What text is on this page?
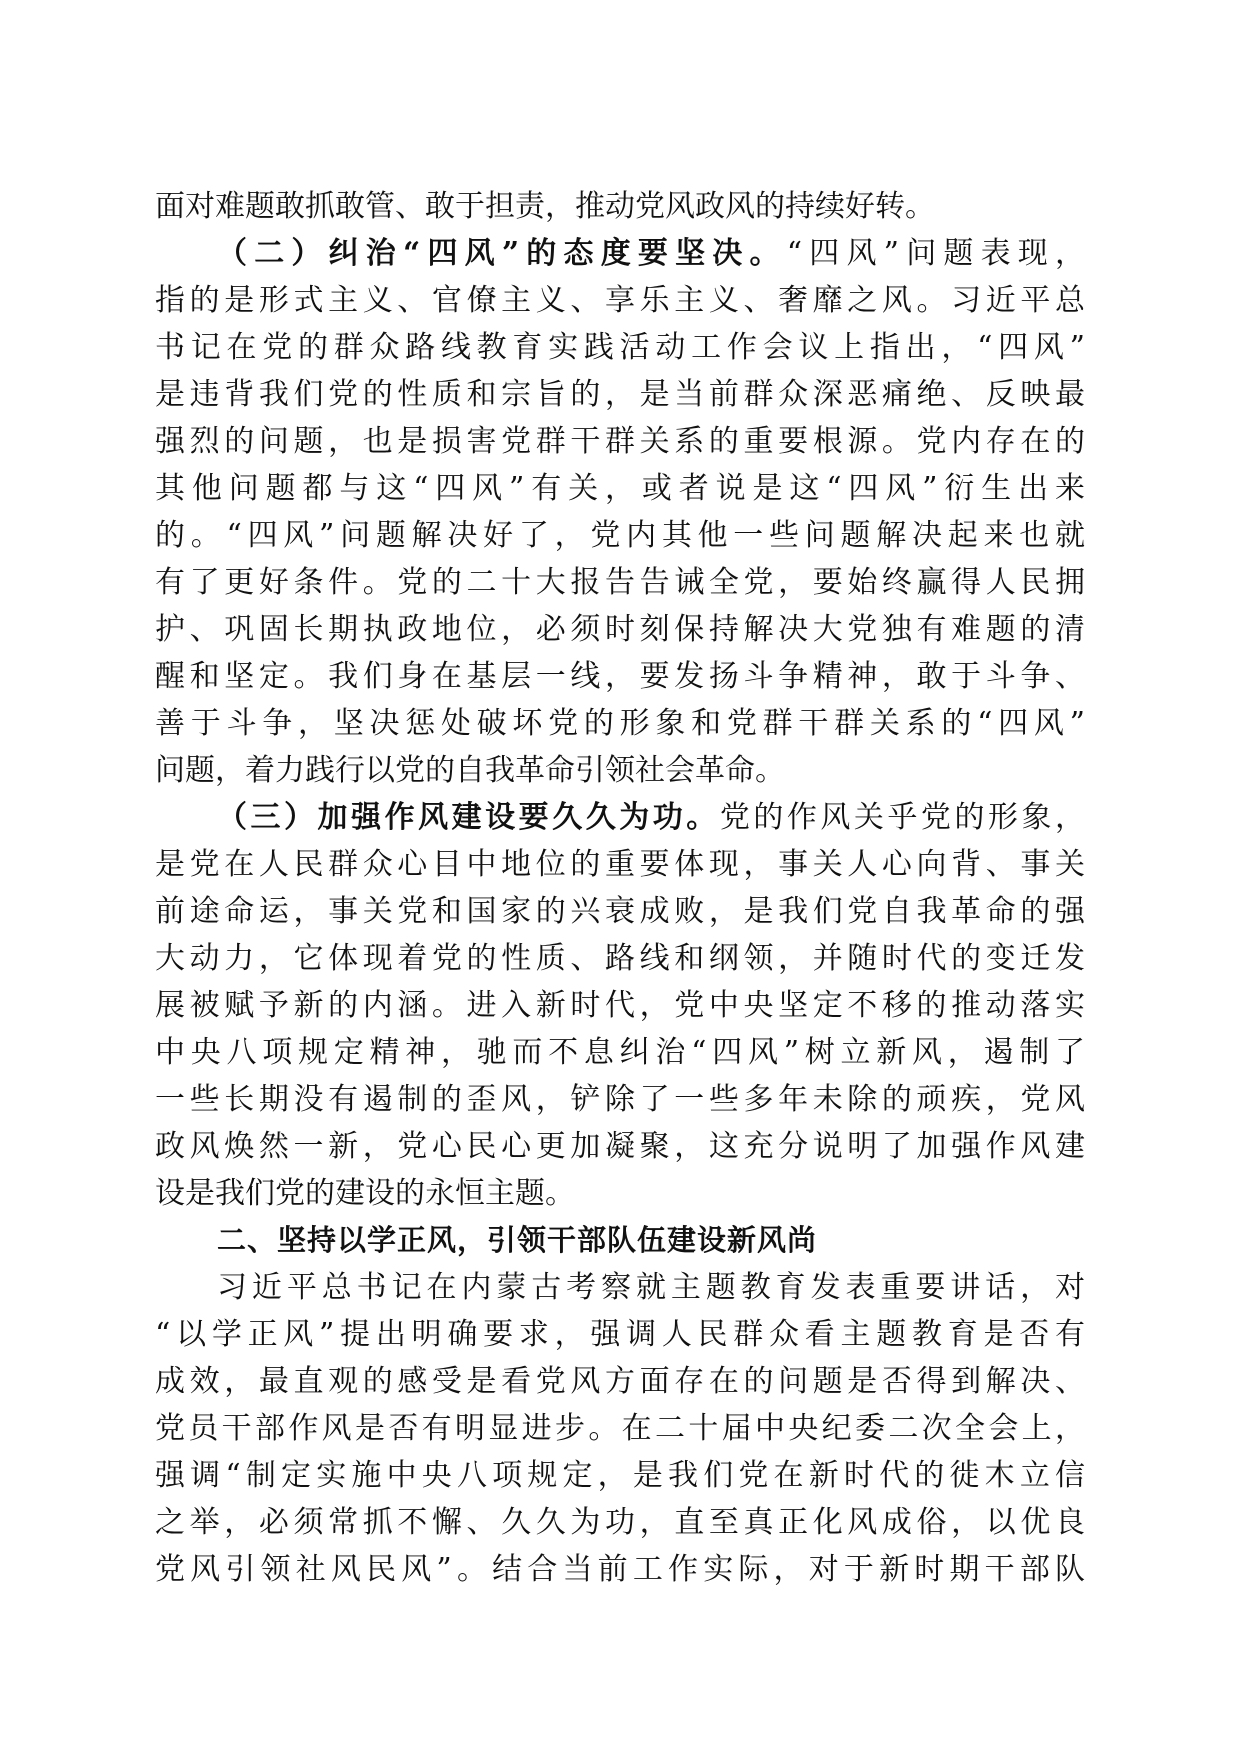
面对难题敢抓敢管、敢于担责，推动党风政风的持续好转。
（二）纠治“四风”的态度要坚决。“四风”问题表现，
指的是形式主义、官僚主义、享乐主义、奢靡之风。习近平总
书记在党的群众路线教育实践活动工作会议上指出，“四风”
是违背我们党的性质和宗旨的，是当前群众深恶痛绝、反映最
强烈的问题，也是损害党群干群关系的重要根源。党内存在的
其他问题都与这“四风”有关，或者说是这“四风”衍生出来
的。“四风”问题解决好了，党内其他一些问题解决起来也就
有了更好条件。党的二十大报告告诫全党，要始终赢得人民拥
护、巩固长期执政地位，必须时刻保持解决大党独有难题的清
醒和坚定。我们身在基层一线，要发扬斗争精神，敢于斗争、
善于斗争，坚决惩处破坏党的形象和党群干群关系的“四风”
问题，着力践行以党的自我革命引领社会革命。
（三）加强作风建设要久久为功。党的作风关乎党的形象，
是党在人民群众心目中地位的重要体现，事关人心向背、事关
前途命运，事关党和国家的兴衰成败，是我们党自我革命的强
大动力，它体现着党的性质、路线和纲领，并随时代的变迁发
展被赋予新的内涵。进入新时代，党中央坚定不移的推动落实
中央八项规定精神，驰而不息纠治“四风”树立新风，遏制了
一些长期没有遏制的歪风，铲除了一些多年未除的顽疾，党风
政风焕然一新，党心民心更加凝聚，这充分说明了加强作风建
设是我们党的建设的永恒主题。
二、坚持以学正风，引领干部队伍建设新风尚
习近平总书记在内蒙古考察就主题教育发表重要讲话，对
“以学正风”提出明确要求，强调人民群众看主题教育是否有
成效，最直观的感受是看党风方面存在的问题是否得到解决、
党员干部作风是否有明显进步。在二十届中央纪委二次全会上，
强调“制定实施中央八项规定，是我们党在新时代的徙木立信
之举，必须常抓不懈、久久为功，直至真正化风成俗，以优良
党风引领社风民风”。结合当前工作实际，对于新时期干部队
